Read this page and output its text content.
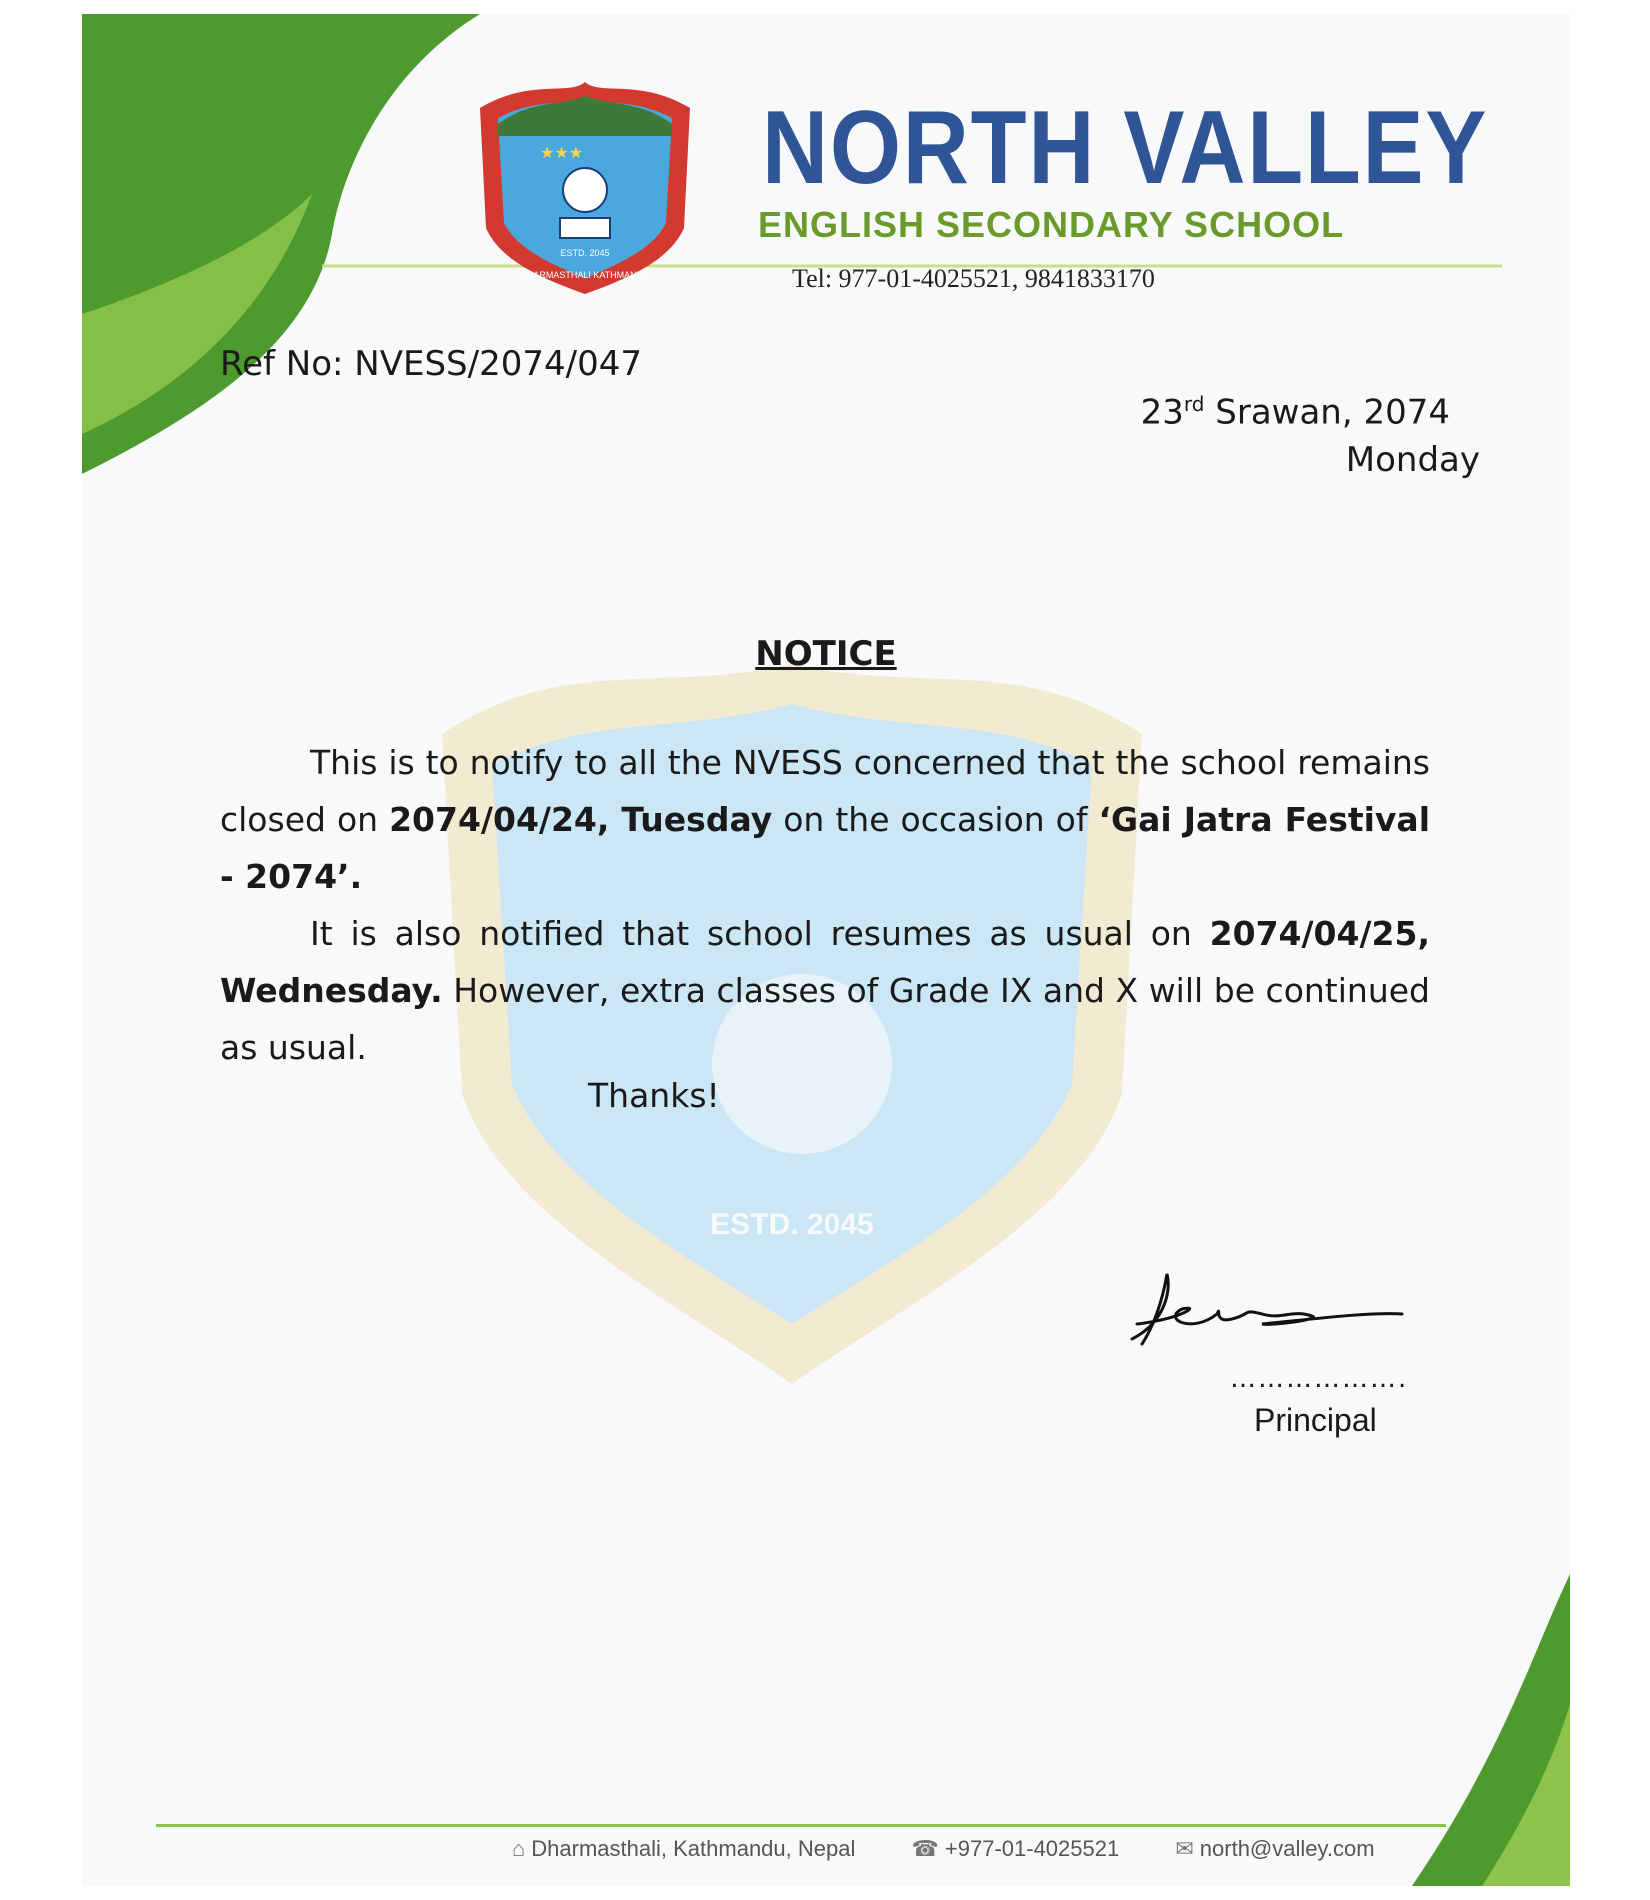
ESTD. 2045
★★★
ESTD. 2045
DHARMASTHALI KATHMANDU
NORTH VALLEY
ENGLISH SECONDARY SCHOOL
Tel: 977-01-4025521, 9841833170
Ref No: NVESS/2074/047
23rd Srawan, 2074
Monday
NOTICE

This is to notify to all the NVESS concerned that the school remains closed on 2074/04/24, Tuesday on the occasion of ‘Gai Jatra Festival - 2074’.

It is also notified that school resumes as usual on 2074/04/25, Wednesday. However, extra classes of Grade IX and X will be continued as usual.

Thanks!
……………….
Principal
⌂ Dharmasthali, Kathmandu, Nepal	☎ +977-01-4025521	✉ north@valley.com
